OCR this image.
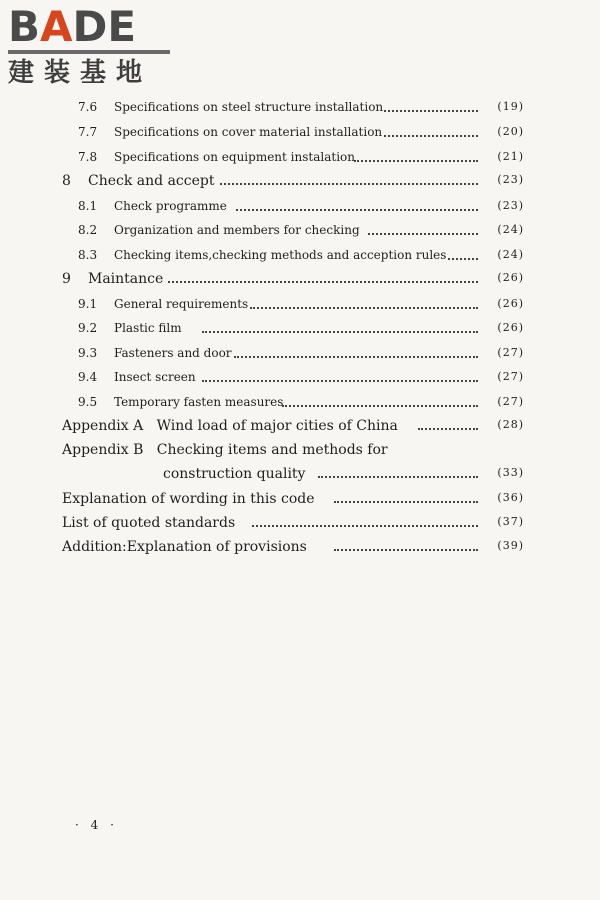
BADE
建装基地
7.6 Specifications on steel structure installation	(19)
7.7 Specifications on cover material installation	(20)
7.8 Specifications on equipment instalation	(21)
8 Check and accept	(23)
8.1 Check programme	(23)
8.2 Organization and members for checking	(24)
8.3 Checking items,checking methods and acception rules	(24)
9 Maintance	(26)
9.1 General requirements	(26)
9.2 Plastic film	(26)
9.3 Fasteners and door	(27)
9.4 Insect screen	(27)
9.5 Temporary fasten measures	(27)
Appendix A   Wind load of major cities of China	(28)
Appendix B   Checking items and methods for
construction quality	(33)
Explanation of wording in this code	(36)
List of quoted standards	(37)
Addition:Explanation of provisions	(39)
· 4 ·
